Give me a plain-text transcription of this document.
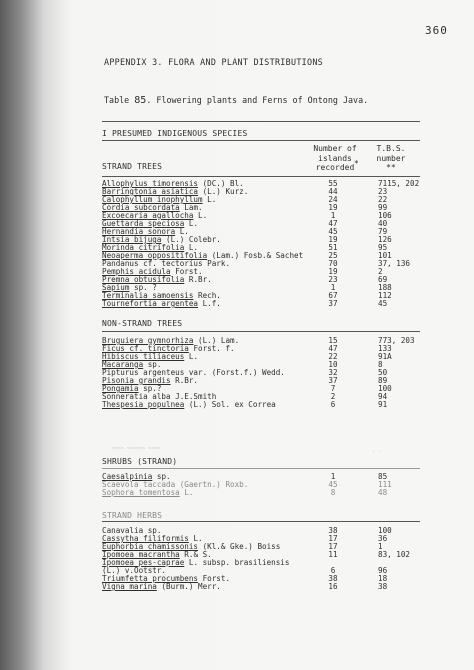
360
APPENDIX 3. FLORA AND PLANT DISTRIBUTIONS
Table 85. Flowering plants and Ferns of Ontong Java.
I PRESUMED INDIGENOUS SPECIES
Number of
islands
recorded *
T.B.S.
number
**
STRAND TREES
~~~~ ~~~~~~ ~~~~	⋅ ⋅
Allophylus timorensis (DC.) Bl.	55	7115, 202
Barringtonia asiatica (L.) Kurz.	44	23
Calophyllum inophyllum L.	24	22
Cordia subcordata Lam.	19	99
Excoecaria agallocha L.	1	106
Guettarda speciosa L.	47	40
Hernandia sonora L.	45	79
Intsia bijuga (L.) Colebr.	19	126
Morinda citrifolia L.	51	95
Neoaperma oppositifolia (Lam.) Fosb.& Sachet	25	101
Pandanus cf. tectorius Park.	70	37, 136
Pemphis acidula Forst.	19	2
Premna obtusifolia R.Br.	23	69
Sapium sp. ?	1	188
Terminalia samoensis Rech.	67	112
Tournefortia argentea L.f.	37	45
NON-STRAND TREES
Bruguiera gymnorhiza (L.) Lam.	15	773, 203
Ficus cf. tinctoria Forst. f.	47	133
Hibiscus tiliaceus L.	22	91A
Macaranga sp.	10	8
Pipturus argenteus var. (Forst.f.) Wedd.	32	50
Pisonia grandis R.Br.	37	89
Pongamia sp.?	7	100
Sonneratia alba J.E.Smith	2	94
Thespesia populnea (L.) Sol. ex Correa	6	91
SHRUBS (STRAND)
Caesalpinia sp.	1	85
Scaevola taccada (Gaertn.) Roxb.	45	111
Sophora tomentosa L.	8	48
STRAND HERBS
Canavalia sp.	38	100
Cassytha filiformis L.	17	36
Euphorbia chamissonis (Kl.& Gke.) Boiss	17	1
Ipomoea macrantha R.& S.	11	83, 102
Ipomoea pes-caprae L. subsp. brasiliensis
(L.) v.Ootstr.	6	96
Triumfetta procumbens Forst.	38	18
Vigna marina (Burm.) Merr.	16	38
